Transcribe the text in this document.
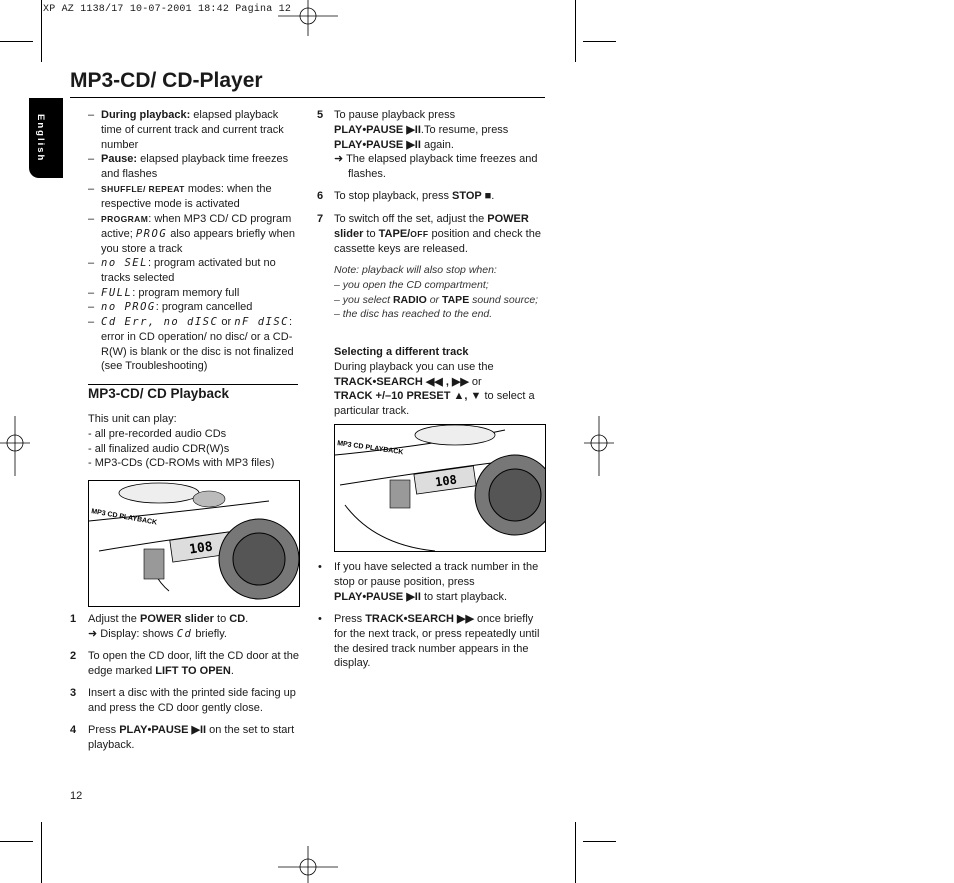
XP AZ 1138/17 10-07-2001 18:42 Pagina 12
MP3-CD/ CD-Player
English	– During playback: elapsed playback time of current track and current track number
– Pause: elapsed playback time freezes and flashes
– SHUFFLE/ REPEAT modes: when the respective mode is activated
– PROGRAM: when MP3 CD/ CD program active; PROG also appears briefly when you store a track
– no SEL: program activated but no tracks selected
– FULL: program memory full
– no PROG: program cancelled
– Cd Err, no dISC or nF dISC: error in CD operation/ no disc/ or a CD-R(W) is blank or the disc is not finalized (see Troubleshooting)
MP3-CD/ CD Playback
This unit can play:
- all pre-recorded audio CDs
- all finalized audio CDR(W)s
- MP3-CDs (CD-ROMs with MP3 files)
108
MP3 CD PLAYBACK
1 Adjust the POWER slider to CD.
➜ Display: shows Cd briefly.
2 To open the CD door, lift the CD door at the edge marked LIFT TO OPEN.
3 Insert a disc with the printed side facing up and press the CD door gently close.
4 Press PLAY•PAUSE ▶II on the set to start playback.
5 To pause playback press
PLAY•PAUSE ▶II.To resume, press
PLAY•PAUSE ▶II again.
➜ The elapsed playback time freezes and flashes.
6 To stop playback, press STOP ■.
7 To switch off the set, adjust the POWER slider to TAPE/OFF position and check the cassette keys are released.
Note: playback will also stop when:
– you open the CD compartment;
– you select RADIO or TAPE sound source;
– the disc has reached to the end.
Selecting a different track
During playback you can use the
TRACK•SEARCH ◀◀ , ▶▶ or
TRACK +/–10 PRESET ▲, ▼ to select a particular track.
108
MP3 CD PLAYBACK
• If you have selected a track number in the stop or pause position, press PLAY•PAUSE ▶II to start playback.
• Press TRACK•SEARCH ▶▶ once briefly for the next track, or press repeatedly until the desired track number appears in the display.
12
